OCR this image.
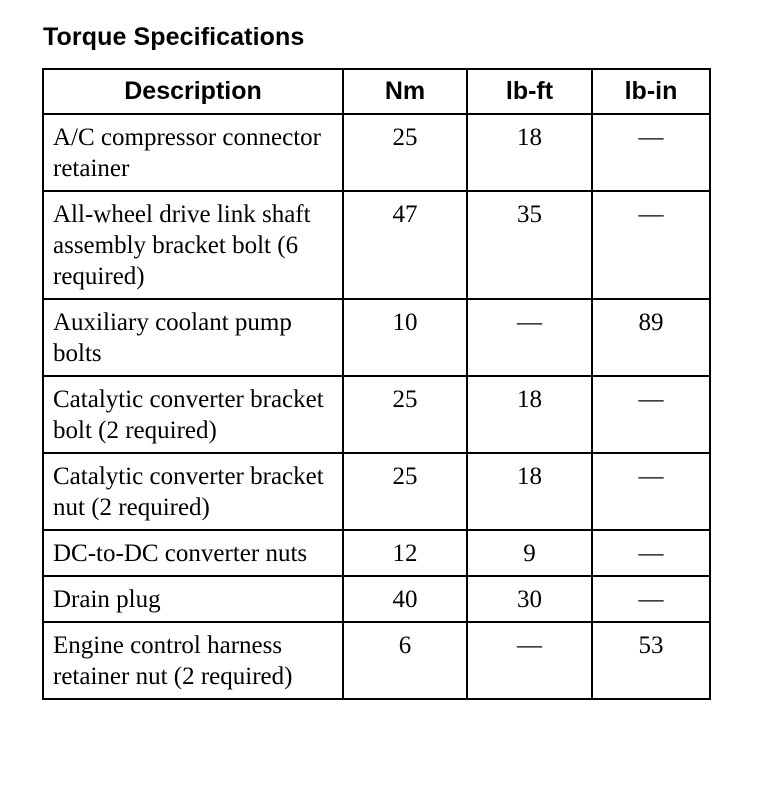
Torque Specifications
Description	Nm	lb-ft	lb-in
A/C compressor connector retainer	25	18	—
All-wheel drive link shaft assembly bracket bolt (6 required)	47	35	—
Auxiliary coolant pump bolts	10	—	89
Catalytic converter bracket bolt (2 required)	25	18	—
Catalytic converter bracket nut (2 required)	25	18	—
DC-to-DC converter nuts	12	9	—
Drain plug	40	30	—
Engine control harness retainer nut (2 required)	6	—	53
